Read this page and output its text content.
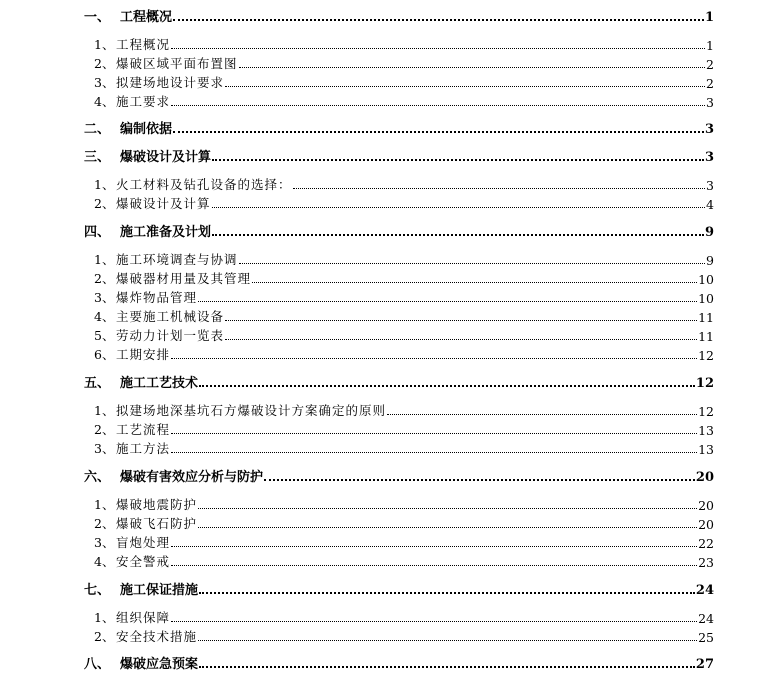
一、 工程概况	1
1、 工程概况	1
2、 爆破区域平面布置图	2
3、 拟建场地设计要求	2
4、 施工要求	3
二、 编制依据	3
三、 爆破设计及计算	3
1、 火工材料及钻孔设备的选择：	3
2、 爆破设计及计算	4
四、 施工准备及计划	9
1、 施工环境调查与协调	9
2、 爆破器材用量及其管理	10
3、 爆炸物品管理	10
4、 主要施工机械设备	11
5、 劳动力计划一览表	11
6、 工期安排	12
五、 施工工艺技术	12
1、 拟建场地深基坑石方爆破设计方案确定的原则	12
2、 工艺流程	13
3、 施工方法	13
六、 爆破有害效应分析与防护	20
1、 爆破地震防护	20
2、 爆破飞石防护	20
3、 盲炮处理	22
4、 安全警戒	23
七、 施工保证措施	24
1、 组织保障	24
2、 安全技术措施	25
八、 爆破应急预案	27
